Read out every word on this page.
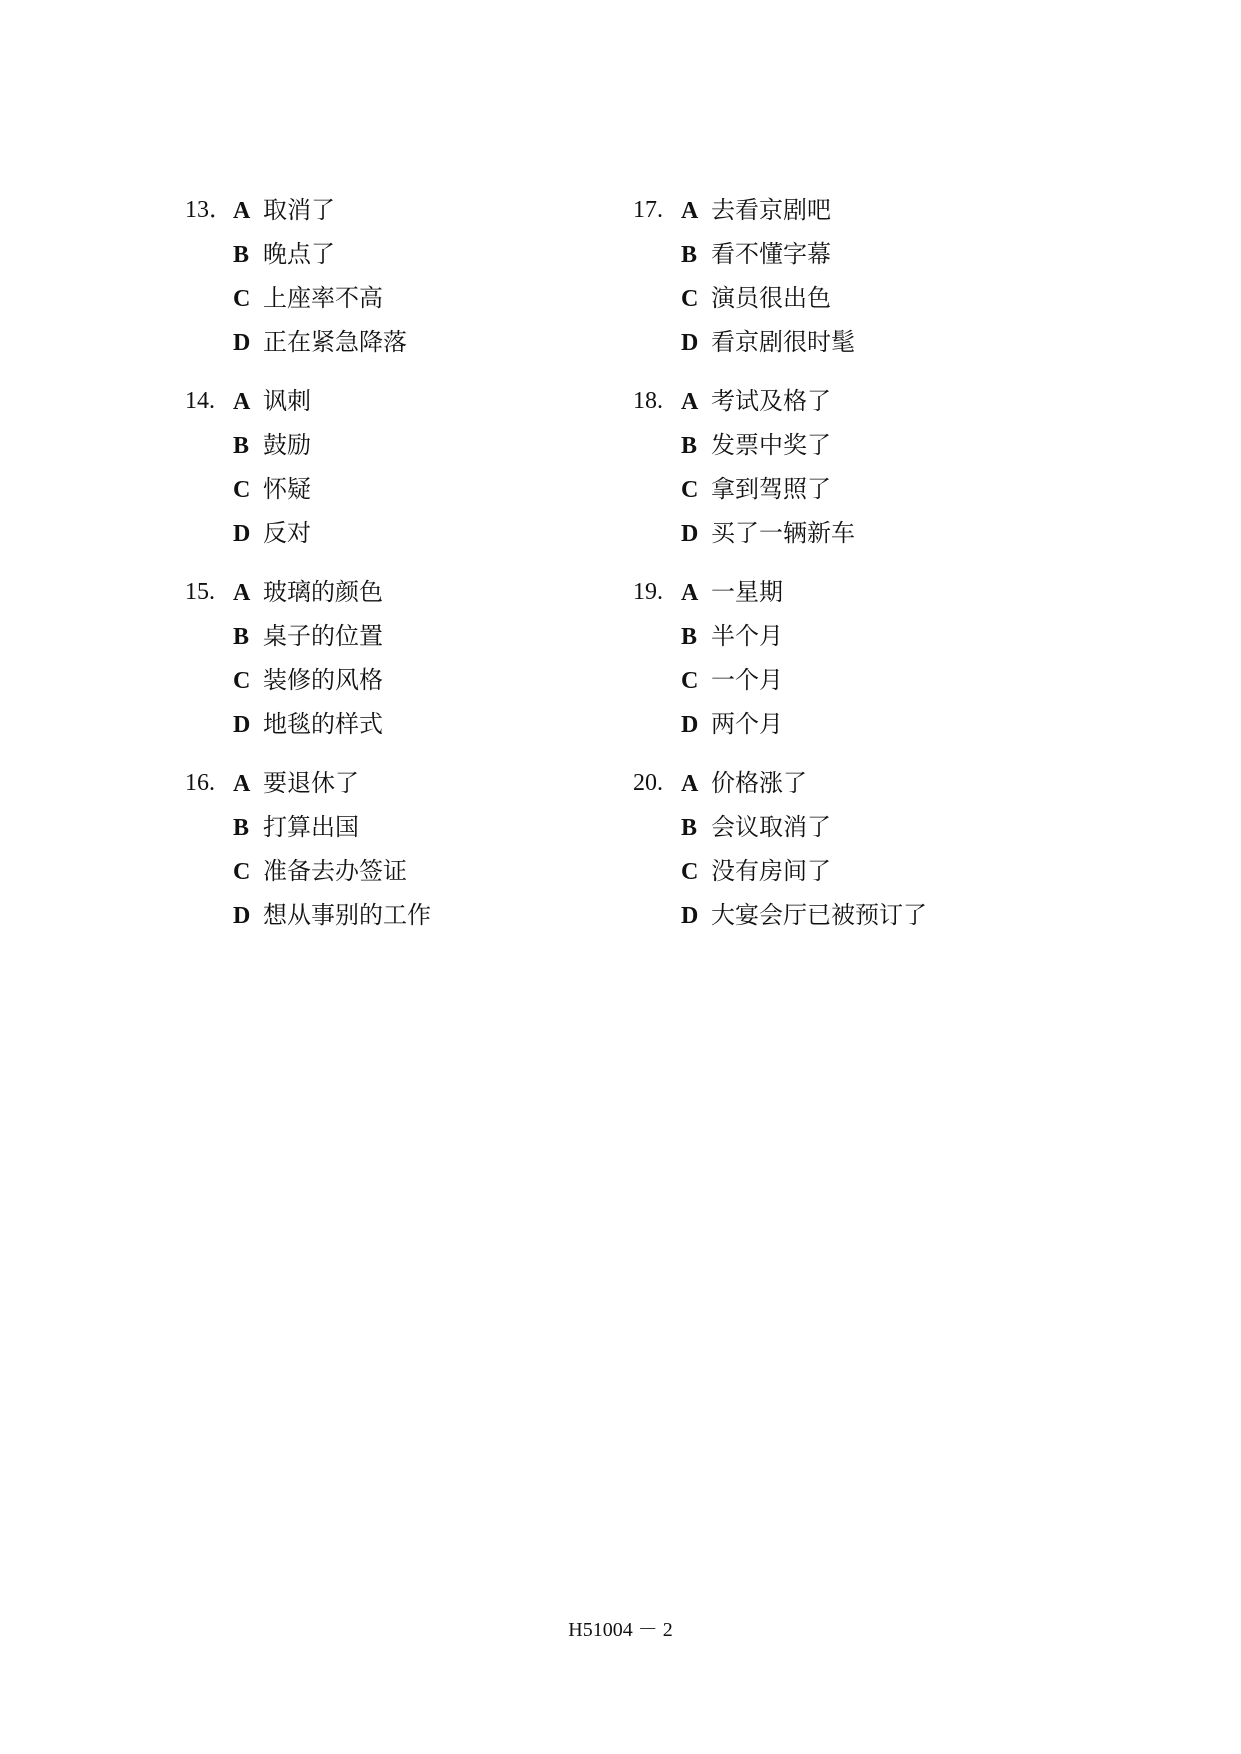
13． A 取消了
B 晚点了
C 上座率不高
D 正在紧急降落
14. A 讽刺
B 鼓励
C 怀疑
D 反对
15. A 玻璃的颜色
B 桌子的位置
C 装修的风格
D 地毯的样式
16. A 要退休了
B 打算出国
C 准备去办签证
D 想从事别的工作
17. A 去看京剧吧
B 看不懂字幕
C 演员很出色
D 看京剧很时髦
18. A 考试及格了
B 发票中奖了
C 拿到驾照了
D 买了一辆新车
19. A 一星期
B 半个月
C 一个月
D 两个月
20. A 价格涨了
B 会议取消了
C 没有房间了
D 大宴会厅已被预订了
H51004 － 2
